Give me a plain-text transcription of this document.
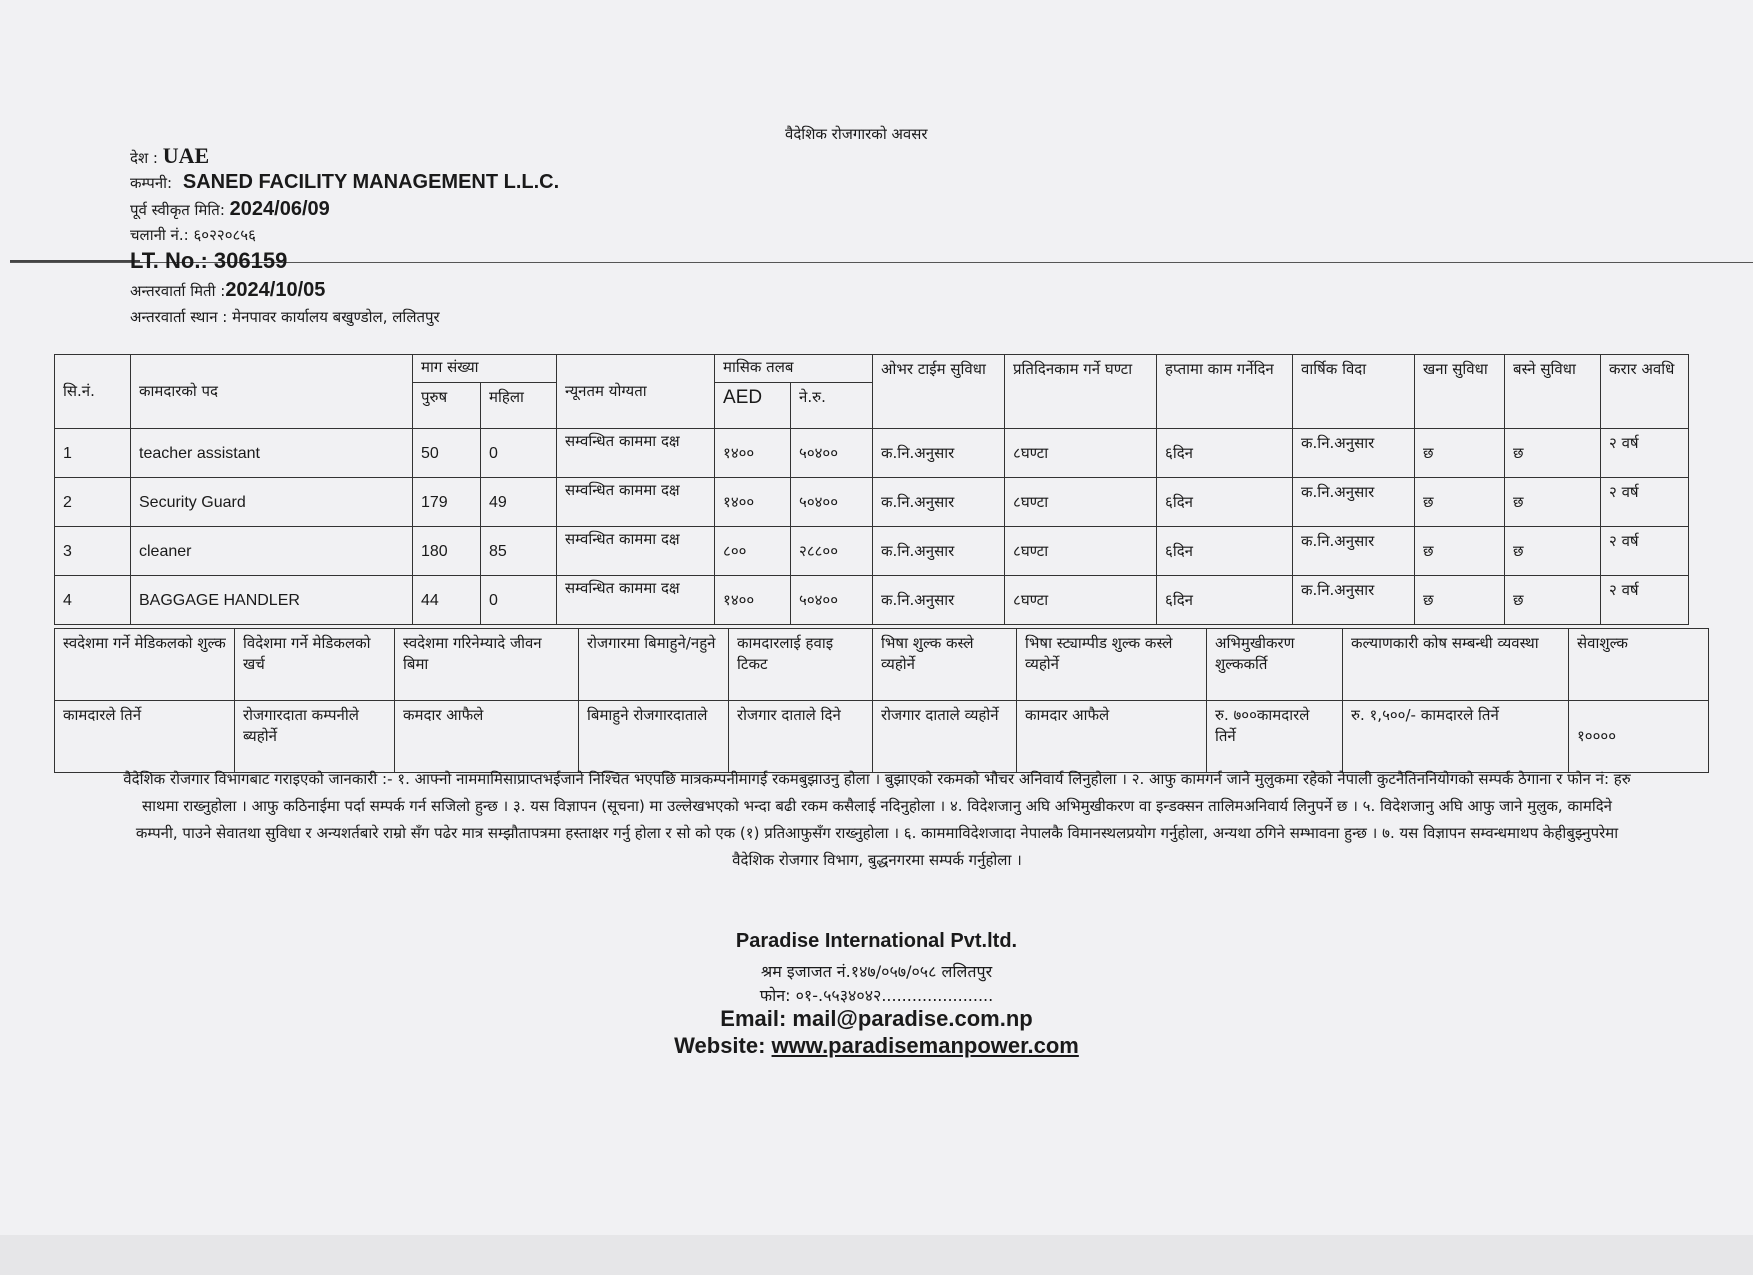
वैदेशिक रोजगारको अवसर
देश : UAE
कम्पनी: SANED FACILITY MANAGEMENT L.L.C.
पूर्व स्वीकृत मिति: 2024/06/09
चलानी नं.: ६०२२०८५६
LT. No.: 306159
अन्तरवार्ता मिती :2024/10/05
अन्तरवार्ता स्थान : मेनपावर कार्यालय बखुण्डोल, ललितपुर
सि.नं.	कामदारको पद	माग संख्या		न्यूनतम योग्यता	मासिक तलब		ओभर टाईम सुविधा	प्रतिदिनकाम गर्ने घण्टा	हप्तामा काम गर्नेदिन	वार्षिक विदा	खना सुविधा	बस्ने सुविधा	करार अवधि
		पुरुष	महिला		AED	ने.रु.							
1	teacher assistant	50	0	सम्वन्धित काममा दक्ष	१४००	५०४००	क.नि.अनुसार	८घण्टा	६दिन	क.नि.अनुसार	छ	छ	२ वर्ष
2	Security Guard	179	49	सम्वन्धित काममा दक्ष	१४००	५०४००	क.नि.अनुसार	८घण्टा	६दिन	क.नि.अनुसार	छ	छ	२ वर्ष
3	cleaner	180	85	सम्वन्धित काममा दक्ष	८००	२८८००	क.नि.अनुसार	८घण्टा	६दिन	क.नि.अनुसार	छ	छ	२ वर्ष
4	BAGGAGE HANDLER	44	0	सम्वन्धित काममा दक्ष	१४००	५०४००	क.नि.अनुसार	८घण्टा	६दिन	क.नि.अनुसार	छ	छ	२ वर्ष
स्वदेशमा गर्ने मेडिकलको शुल्क	विदेशमा गर्ने मेडिकलको खर्च	स्वदेशमा गरिनेम्यादे जीवन बिमा	रोजगारमा बिमाहुने/नहुने	कामदारलाई हवाइ टिकट	भिषा शुल्क कस्ले व्यहोर्ने	भिषा स्ट्याम्पीड शुल्क कस्ले व्यहोर्ने	अभिमुखीकरण शुल्ककर्ति	कल्याणकारी कोष सम्बन्धी व्यवस्था	सेवाशुल्क
कामदारले तिर्ने	रोजगारदाता कम्पनीले ब्यहोर्ने	कमदार आफैले	बिमाहुने रोजगारदाताले	रोजगार दाताले दिने	रोजगार दाताले व्यहोर्ने	कामदार आफैले	रु. ७००कामदारले तिर्ने	रु. १,५००/- कामदारले तिर्ने	१००००
वैदेशिक रोजगार विभागबाट गराइएको जानकारी :- १. आफ्नो नाममामिसाप्राप्तभईजाने निश्चित भएपछि मात्रकम्पनीमागई रकमबुझाउनु होला । बुझाएको रकमको भौचर अनिवार्य लिनुहोला । २. आफु कामगर्न जाने मुलुकमा रहेको नेपाली कुटनैतिननियोगको सम्पर्क ठेगाना र फोन नं: हरु साथमा राख्नुहोला । आफु कठिनाईमा पर्दा सम्पर्क गर्न सजिलो हुन्छ । ३. यस विज्ञापन (सूचना) मा उल्लेखभएको भन्दा बढी रकम कसैलाई नदिनुहोला । ४. विदेशजानु अघि अभिमुखीकरण वा इन्डक्सन तालिमअनिवार्य लिनुपर्ने छ । ५. विदेशजानु अघि आफु जाने मुलुक, कामदिने कम्पनी, पाउने सेवातथा सुविधा र अन्यशर्तबारे राम्रो सँग पढेर मात्र सम्झौतापत्रमा हस्ताक्षर गर्नु होला र सो को एक (१) प्रतिआफुसँग राख्नुहोला । ६. काममाविदेशजादा नेपालकै विमानस्थलप्रयोग गर्नुहोला, अन्यथा ठगिने सम्भावना हुन्छ । ७. यस विज्ञापन सम्वन्धमाथप केहीबुझ्नुपरेमा वैदेशिक रोजगार विभाग, बुद्धनगरमा सम्पर्क गर्नुहोला ।
Paradise International Pvt.ltd.
श्रम इजाजत नं.१४७/०५७/०५८ ललितपुर
फोन: ०१-.५५३४०४२......................
Email: mail@paradise.com.np
Website: www.paradisemanpower.com
